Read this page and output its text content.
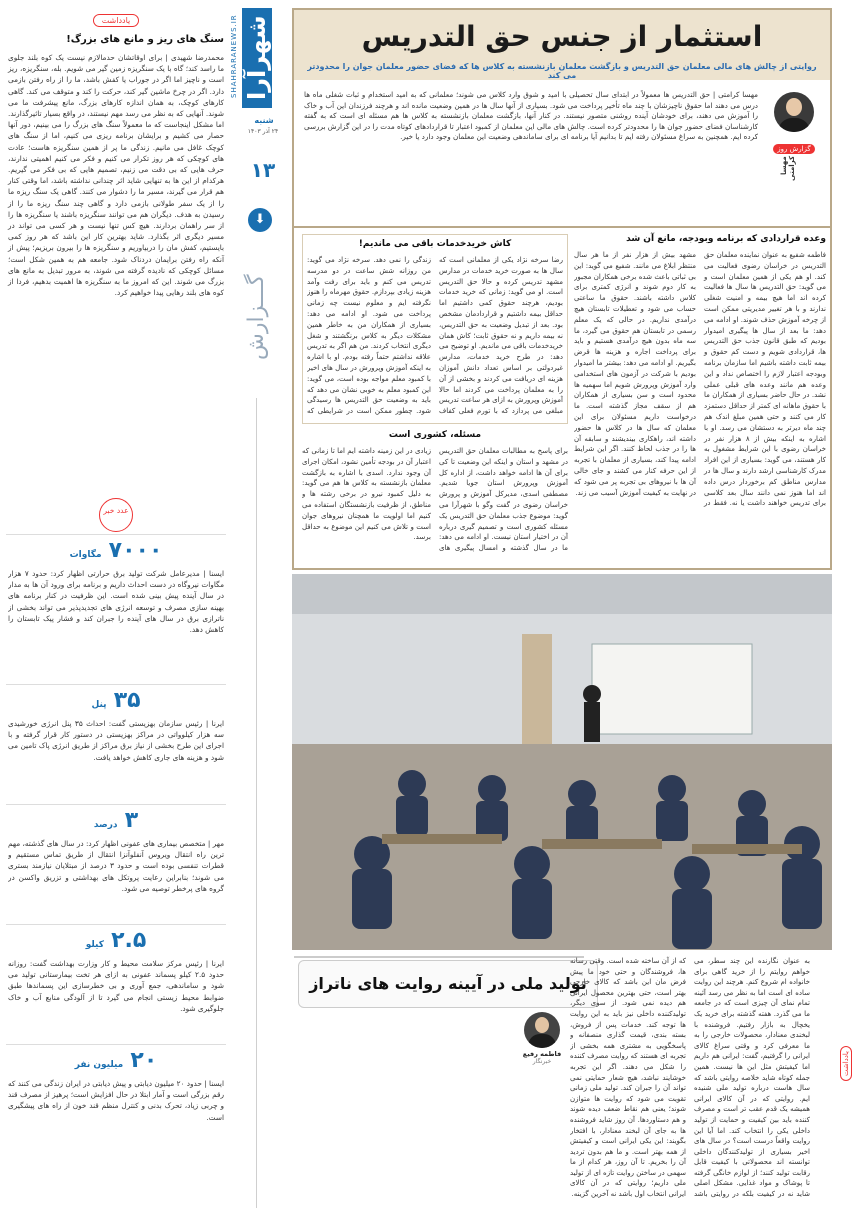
یادداشت
سنگ های ریز و مانع های بزرگ!
محمدرضا شهیدی | برای اوقاتشان حدمالازم نیست یک کوه بلند جلوی ما راسد کند؛ گاه با یک سنگریزه زمین گیر می شویم. بله، سنگریزه، ریز است و ناچیز اما اگر در جوراب یا کفش باشد، ما را از راه رفتن بازمی دارد. اگر در چرخ ماشین گیر کند، حرکت را کند و متوقف می کند. گاهی کارهای کوچک، به همان اندازه کارهای بزرگ، مانع پیشرفت ما می شوند. آنهایی که به نظر می رسد مهم نیستند، در واقع بسیار تاثیرگذارند. اما مشکل اینجاست که ما معمولاً سنگ های بزرگ را می بینیم، دور آنها حصار می کشیم و برایشان برنامه ریزی می کنیم، اما از سنگ های کوچک غافل می مانیم. زندگی ما پر از همین سنگریزه هاست؛ عادت های کوچکی که هر روز تکرار می کنیم و فکر می کنیم اهمیتی ندارند، حرف هایی که بی دقت می زنیم، تصمیم هایی که بی فکر می گیریم. هرکدام از این ها به تنهایی شاید اثر چندانی نداشته باشد، اما وقتی کنار هم قرار می گیرند، مسیر ما را دشوار می کنند. گاهی یک سنگ ریزه ما را از یک سفر طولانی بازمی دارد و گاهی چند سنگ ریزه ما را از رسیدن به هدف. دیگران هم می توانند سنگریزه باشند یا سنگریزه ها را از سر راهمان بردارند. هیچ کس تنها نیست و هر کسی می تواند در مسیر دیگری اثر بگذارد. شاید بهترین کار این باشد که هر روز کمی بایستیم، کفش مان را دربیاوریم و سنگریزه ها را بیرون بریزیم؛ پیش از آنکه راه رفتن برایمان دردناک شود. جامعه هم به همین شکل است؛ مسائل کوچکی که نادیده گرفته می شوند، به مرور تبدیل به مانع های بزرگ می شوند. این که امروز ما به سنگریزه ها اهمیت بدهیم، فردا از کوه های بلند رهایی پیدا خواهیم کرد.
عدد خبر
۷۰۰۰ مگاوات
ایسنا | مدیرعامل شرکت تولید برق حرارتی اظهار کرد: حدود ۷ هزار مگاوات نیروگاه در دست احداث داریم و برنامه برای ورود آن ها به مدار در سال آینده پیش بینی شده است. این ظرفیت در کنار برنامه های بهینه سازی مصرف و توسعه انرژی های تجدیدپذیر می تواند بخشی از ناترازی برق در سال های آینده را جبران کند و فشار پیک تابستان را کاهش دهد.
۳۵ پنل
ایرنا | رئیس سازمان بهزیستی گفت: احداث ۳۵ پنل انرژی خورشیدی سه هزار کیلوواتی در مراکز بهزیستی در دستور کار قرار گرفته و با اجرای این طرح بخشی از نیاز برق مراکز از طریق انرژی پاک تامین می شود و هزینه های جاری کاهش خواهد یافت.
۳ درصد
مهر | متخصص بیماری های عفونی اظهار کرد: در سال های گذشته، مهم ترین راه انتقال ویروس آنفلوآنزا انتقال از طریق تماس مستقیم و قطرات تنفسی بوده است و حدود ۳ درصد از مبتلایان نیازمند بستری می شوند؛ بنابراین رعایت پروتکل های بهداشتی و تزریق واکسن در گروه های پرخطر توصیه می شود.
۲.۵ کیلو
ایرنا | رئیس مرکز سلامت محیط و کار وزارت بهداشت گفت: روزانه حدود ۲.۵ کیلو پسماند عفونی به ازای هر تخت بیمارستانی تولید می شود و ساماندهی، جمع آوری و بی خطرسازی این پسماندها طبق ضوابط محیط زیستی انجام می گیرد تا از آلودگی منابع آب و خاک جلوگیری شود.
۲۰ میلیون نفر
ایسنا | حدود ۲۰ میلیون دیابتی و پیش دیابتی در ایران زندگی می کنند که رقم بزرگی است و آمار ابتلا در حال افزایش است؛ پرهیز از مصرف قند و چربی زیاد، تحرک بدنی و کنترل منظم قند خون از راه های پیشگیری است.
شهرآرا
SHAHRARANEWS.IR
شنبه
۲۴ آذر ۱۴۰۳
۱۳
⬇
گـــزارش
استثمار از جنس حق التدریس
روایتی از چالش های مالی معلمان حق التدریس و بازگشت معلمان بازنشسته به کلاس ها که فضای حضور معلمان جوان را محدودتر می کند
گزارش روز
مهسا کرامتی
مهسا کرامتی | حق التدریس ها معمولاً در ابتدای سال تحصیلی با امید و شوق وارد کلاس می شوند؛ معلمانی که به امید استخدام و ثبات شغلی ماه ها درس می دهند اما حقوق ناچیزشان با چند ماه تأخیر پرداخت می شود. بسیاری از آنها سال ها در همین وضعیت مانده اند و هرچند فرزندان این آب و خاک را آموزش می دهند، برای خودشان آینده روشنی متصور نیستند. در کنار آنها، بازگشت معلمان بازنشسته به کلاس ها هم مسئله ای است که به گفته کارشناسان فضای حضور جوان ها را محدودتر کرده است. چالش های مالی این معلمان از کمبود اعتبار تا قراردادهای کوتاه مدت را در این گزارش بررسی کرده ایم. همچنین به سراغ مسئولان رفته ایم تا بدانیم آیا برنامه ای برای ساماندهی وضعیت این معلمان وجود دارد یا خیر.
وعده قراردادی که برنامه وبودجه، مانع آن شد
فاطمه شفیع به عنوان نماینده معلمان حق التدریس در خراسان رضوی فعالیت می کند. او هم یکی از همین معلمان است و می گوید: حق التدریس ها سال ها فعالیت کرده اند اما هیچ بیمه و امنیت شغلی ندارند و با هر تغییر مدیریتی ممکن است از چرخه آموزش حذف شوند. او ادامه می دهد: ما بعد از سال ها پیگیری امیدوار بودیم که طبق قانون جذب حق التدریس ها، قراردادی شویم و دست کم حقوق و بیمه ثابت داشته باشیم اما سازمان برنامه وبودجه اعتبار لازم را اختصاص نداد و این وعده هم مانند وعده های قبلی عملی نشد. در حال حاضر بسیاری از همکاران ما با حقوق ماهانه ای کمتر از حداقل دستمزد کار می کنند و حتی همین مبلغ اندک هم چند ماه دیرتر به دستشان می رسد. او با اشاره به اینکه بیش از ۸ هزار نفر در خراسان رضوی با این شرایط مشغول به کار هستند، می گوید: بسیاری از این افراد مدرک کارشناسی ارشد دارند و سال ها در مدارس مناطق کم برخوردار درس داده اند اما هنوز نمی دانند سال بعد کلاسی برای تدریس خواهند داشت یا نه. فقط در مشهد بیش از هزار نفر از ما هر سال منتظر ابلاغ می مانند. شفیع می گوید: این بی ثباتی باعث شده برخی همکاران مجبور به کار دوم شوند و انرژی کمتری برای کلاس داشته باشند. حقوق ما ساعتی حساب می شود و تعطیلات تابستان هیچ درآمدی نداریم. در حالی که یک معلم رسمی در تابستان هم حقوق می گیرد، ما سه ماه بدون هیچ درآمدی هستیم و باید برای پرداخت اجاره و هزینه ها قرض بگیریم. او ادامه می دهد: بیشتر ما امیدوار بودیم با شرکت در آزمون های استخدامی وارد آموزش وپرورش شویم اما سهمیه ها محدود است و سن بسیاری از همکاران هم از سقف مجاز گذشته است. ما درخواست داریم مسئولان برای این معلمان که سال ها در کلاس ها حضور داشته اند، راهکاری بیندیشند و سابقه آن ها را در جذب لحاظ کنند. اگر این شرایط ادامه پیدا کند، بسیاری از معلمان با تجربه از این حرفه کنار می کشند و جای خالی آن ها با نیروهای بی تجربه پر می شود که در نهایت به کیفیت آموزش آسیب می زند.
کاش خریدخدمات باقی می ماندیم!
رضا سرخه نژاد یکی از معلمانی است که سال ها به صورت خرید خدمات در مدارس مشهد تدریس کرده و حالا حق التدریس است. او می گوید: زمانی که خرید خدمات بودیم، هرچند حقوق کمی داشتیم اما حداقل بیمه داشتیم و قراردادمان مشخص بود. بعد از تبدیل وضعیت به حق التدریس، نه بیمه داریم و نه حقوق ثابت؛ کاش همان خریدخدمات باقی می ماندیم. او توضیح می دهد: در طرح خرید خدمات، مدارس غیردولتی بر اساس تعداد دانش آموزان هزینه ای دریافت می کردند و بخشی از آن را به معلمان پرداخت می کردند اما حالا آموزش وپرورش به ازای هر ساعت تدریس مبلغی می پردازد که با تورم فعلی کفاف زندگی را نمی دهد. سرخه نژاد می گوید: من روزانه شش ساعت در دو مدرسه تدریس می کنم و باید برای رفت وآمد هزینه زیادی بپردازم. حقوق مهرماه را هنوز نگرفته ایم و معلوم نیست چه زمانی پرداخت می شود. او ادامه می دهد: بسیاری از همکاران من به خاطر همین مشکلات دیگر به کلاس برنگشتند و شغل دیگری انتخاب کردند. من هم اگر به تدریس علاقه نداشتم حتماً رفته بودم. او با اشاره به اینکه آموزش وپرورش در سال های اخیر با کمبود معلم مواجه بوده است، می گوید: این کمبود معلم به خوبی نشان می دهد که باید به وضعیت حق التدریس ها رسیدگی شود. چطور ممکن است در شرایطی که
مسئله، کشوری است
برای پاسخ به مطالبات معلمان حق التدریس در مشهد و استان و اینکه این وضعیت تا کی برای آن ها ادامه خواهد داشت، از اداره کل آموزش وپرورش استان جویا شدیم. مصطفی اسدی، مدیرکل آموزش و پرورش خراسان رضوی در گفت وگو با شهرآرا می گوید: موضوع جذب معلمان حق التدریس یک مسئله کشوری است و تصمیم گیری درباره آن در اختیار استان نیست. او ادامه می دهد: ما در سال گذشته و امسال پیگیری های زیادی در این زمینه داشته ایم اما تا زمانی که اعتبار آن در بودجه تأمین نشود، امکان اجرای آن وجود ندارد. اسدی با اشاره به بازگشت معلمان بازنشسته به کلاس ها هم می گوید: به دلیل کمبود نیرو در برخی رشته ها و مناطق، از ظرفیت بازنشستگان استفاده می کنیم اما اولویت ما همچنان نیروهای جوان است و تلاش می کنیم این موضوع به حداقل برسد.
تولید ملی در آیینه روایت های ناتراز
فاطمه رفیع
خبرنگار
به عنوان نگارنده این چند سطر، می خواهم روایتم را از خرید گاهی برای خانواده ام شروع کنم. هرچند این روایت ساده ای است اما به نظر می رسد آئینه تمام نمای آن چیزی است که در جامعه ما می گذرد. هفته گذشته برای خرید یک یخچال به بازار رفتیم. فروشنده با لبخندی معنادار، محصولات خارجی را به ما معرفی کرد و وقتی سراغ کالای ایرانی را گرفتیم، گفت: ایرانی هم داریم اما کیفیتش مثل این ها نیست. همین جمله کوتاه شاید خلاصه روایتی باشد که سال هاست درباره تولید ملی شنیده ایم. روایتی که در آن کالای ایرانی همیشه یک قدم عقب تر است و مصرف کننده باید بین کیفیت و حمایت از تولید داخلی یکی را انتخاب کند. اما آیا این روایت واقعاً درست است؟ در سال های اخیر بسیاری از تولیدکنندگان داخلی توانسته اند محصولاتی با کیفیت قابل رقابت تولید کنند؛ از لوازم خانگی گرفته تا پوشاک و مواد غذایی. مشکل اصلی شاید نه در کیفیت بلکه در روایتی باشد که از آن ساخته شده است. وقتی رسانه ها، فروشندگان و حتی خود ما پیش فرض مان این باشد که کالای خارجی بهتر است، حتی بهترین محصول ایرانی هم دیده نمی شود. از سوی دیگر، تولیدکننده داخلی نیز باید به این روایت ها توجه کند. خدمات پس از فروش، بسته بندی، قیمت گذاری منصفانه و پاسخگویی به مشتری همه بخشی از تجربه ای هستند که روایت مصرف کننده را شکل می دهند. اگر این تجربه خوشایند نباشد، هیچ شعار حمایتی نمی تواند آن را جبران کند. تولید ملی زمانی تقویت می شود که روایت ها متوازن شوند؛ یعنی هم نقاط ضعف دیده شوند و هم دستاوردها. آن روز شاید فروشنده ها به جای آن لبخند معنادار، با افتخار بگویند: این یکی ایرانی است و کیفیتش از همه بهتر است. و ما هم بدون تردید آن را بخریم. تا آن روز، هر کدام از ما سهمی در ساختن روایت تازه ای از تولید ملی داریم؛ روایتی که در آن کالای ایرانی انتخاب اول باشد نه آخرین گزینه.
یادداشت
